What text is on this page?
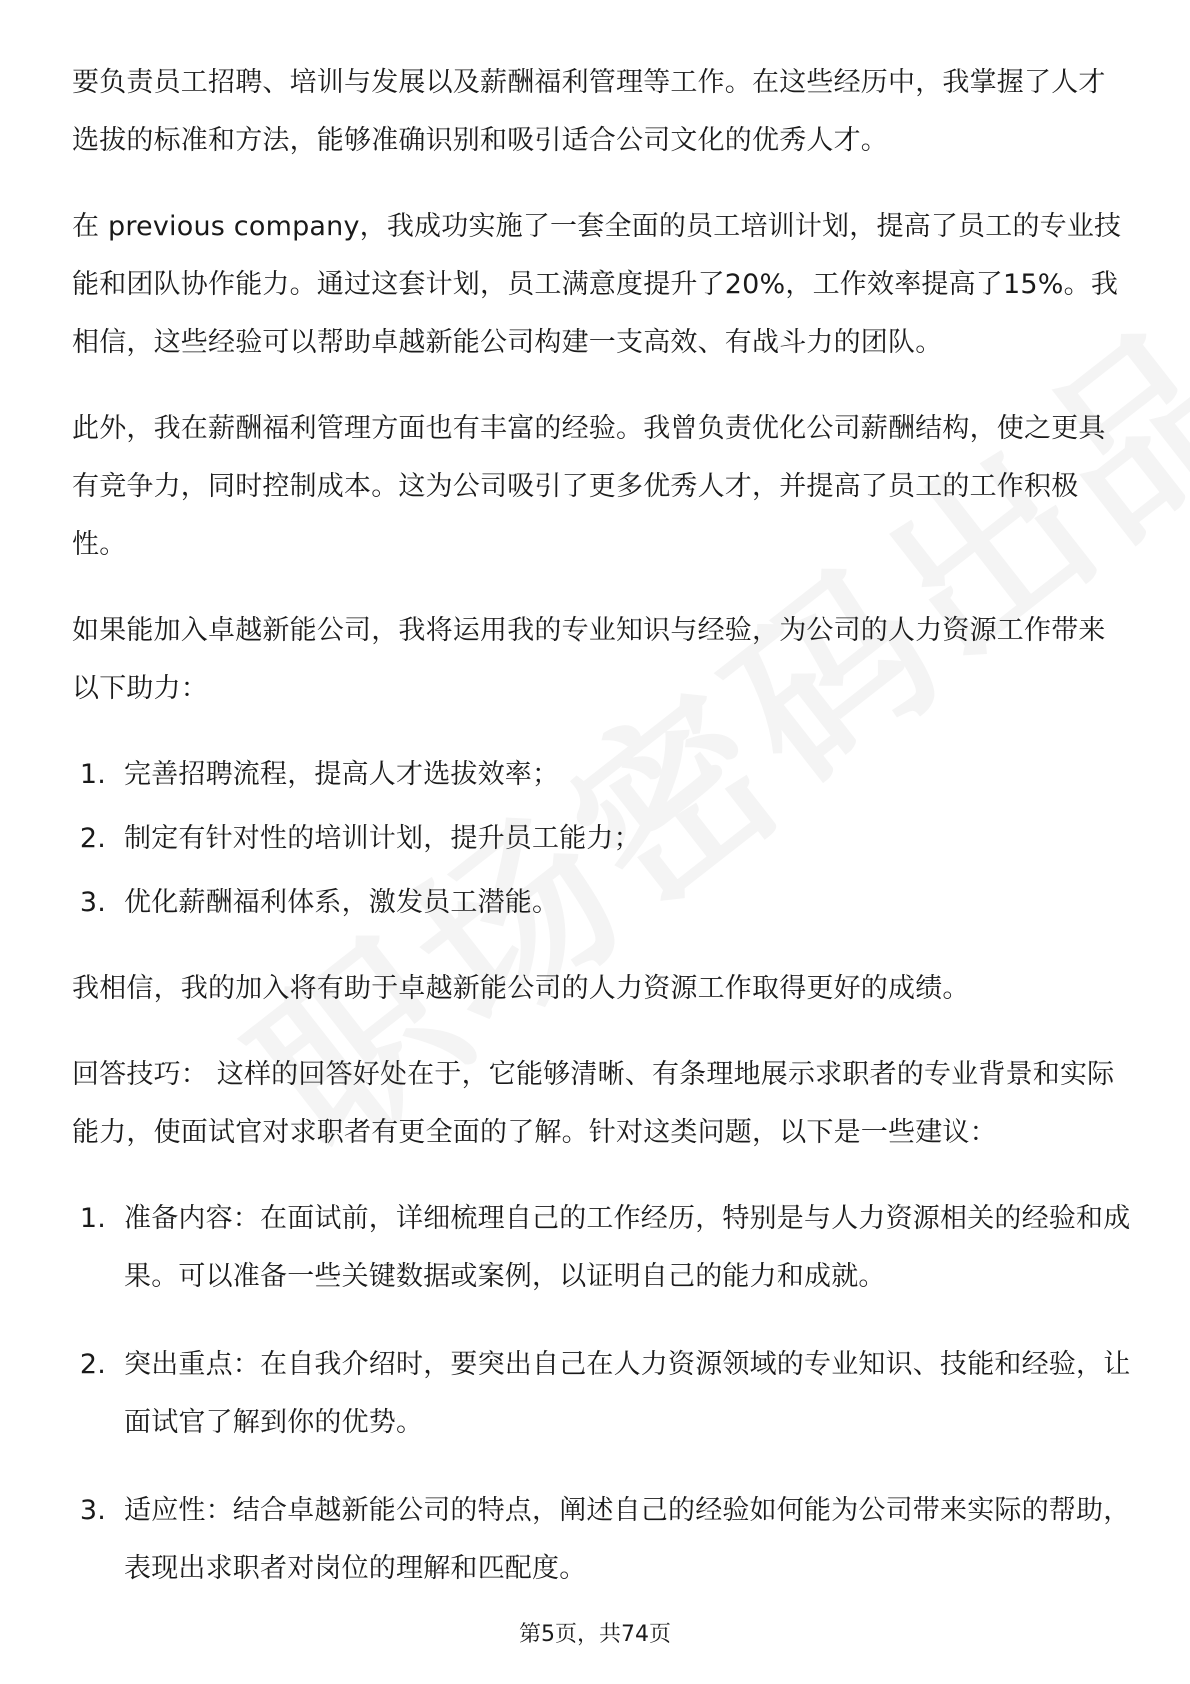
要负责员工招聘、培训与发展以及薪酬福利管理等工作。在这些经历中，我掌握了人才选拔的标准和方法，能够准确识别和吸引适合公司文化的优秀人才。

在 previous company，我成功实施了一套全面的员工培训计划，提高了员工的专业技能和团队协作能力。通过这套计划，员工满意度提升了20%，工作效率提高了15%。我相信，这些经验可以帮助卓越新能公司构建一支高效、有战斗力的团队。

此外，我在薪酬福利管理方面也有丰富的经验。我曾负责优化公司薪酬结构，使之更具有竞争力，同时控制成本。这为公司吸引了更多优秀人才，并提高了员工的工作积极性。

如果能加入卓越新能公司，我将运用我的专业知识与经验，为公司的人力资源工作带来以下助力：

1. 完善招聘流程，提高人才选拔效率；
2. 制定有针对性的培训计划，提升员工能力；
3. 优化薪酬福利体系，激发员工潜能。

我相信，我的加入将有助于卓越新能公司的人力资源工作取得更好的成绩。

回答技巧： 这样的回答好处在于，它能够清晰、有条理地展示求职者的专业背景和实际能力，使面试官对求职者有更全面的了解。针对这类问题，以下是一些建议：

1. 准备内容：在面试前，详细梳理自己的工作经历，特别是与人力资源相关的经验和成果。可以准备一些关键数据或案例，以证明自己的能力和成就。
2. 突出重点：在自我介绍时，要突出自己在人力资源领域的专业知识、技能和经验，让面试官了解到你的优势。
3. 适应性：结合卓越新能公司的特点，阐述自己的经验如何能为公司带来实际的帮助，表现出求职者对岗位的理解和匹配度。
第5页，共74页
